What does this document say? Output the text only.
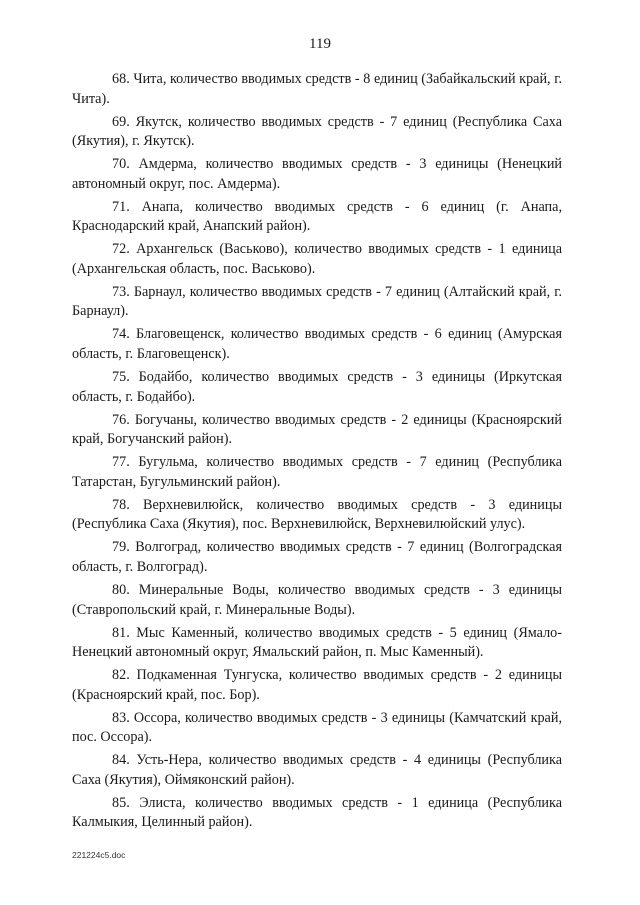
119

68. Чита, количество вводимых средств - 8 единиц (Забайкальский край, г. Чита).

69. Якутск, количество вводимых средств - 7 единиц (Республика Саха (Якутия), г. Якутск).

70. Амдерма, количество вводимых средств - 3 единицы (Ненецкий автономный округ, пос. Амдерма).

71. Анапа, количество вводимых средств - 6 единиц (г. Анапа, Краснодарский край, Анапский район).

72. Архангельск (Васьково), количество вводимых средств - 1 единица (Архангельская область, пос. Васьково).

73. Барнаул, количество вводимых средств - 7 единиц (Алтайский край, г. Барнаул).

74. Благовещенск, количество вводимых средств - 6 единиц (Амурская область, г. Благовещенск).

75. Бодайбо, количество вводимых средств - 3 единицы (Иркутская область, г. Бодайбо).

76. Богучаны, количество вводимых средств - 2 единицы (Красноярский край, Богучанский район).

77. Бугульма, количество вводимых средств - 7 единиц (Республика Татарстан, Бугульминский район).

78. Верхневилюйск, количество вводимых средств - 3 единицы (Республика Саха (Якутия), пос. Верхневилюйск, Верхневилюйский улус).

79. Волгоград, количество вводимых средств - 7 единиц (Волгоградская область, г. Волгоград).

80. Минеральные Воды, количество вводимых средств - 3 единицы (Ставропольский край, г. Минеральные Воды).

81. Мыс Каменный, количество вводимых средств - 5 единиц (Ямало-Ненецкий автономный округ, Ямальский район, п. Мыс Каменный).

82. Подкаменная Тунгуска, количество вводимых средств - 2 единицы (Красноярский край, пос. Бор).

83. Оссора, количество вводимых средств - 3 единицы (Камчатский край, пос. Оссора).

84. Усть-Нера, количество вводимых средств - 4 единицы (Республика Саха (Якутия), Оймяконский район).

85. Элиста, количество вводимых средств - 1 единица (Республика Калмыкия, Целинный район).

221224c5.doc
